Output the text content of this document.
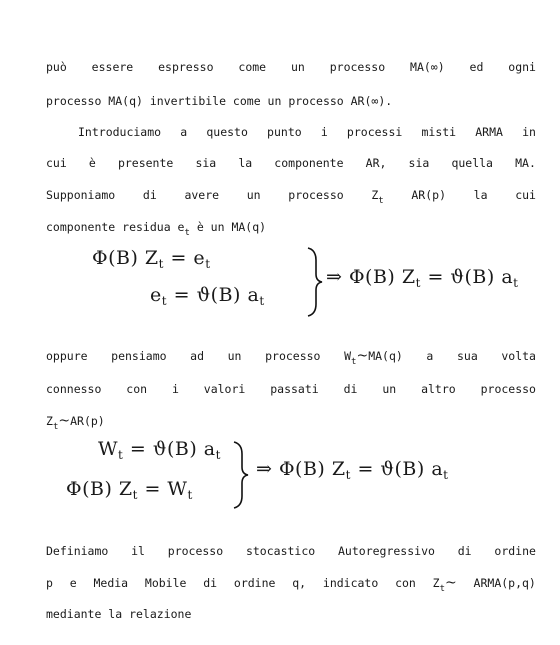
può essere espresso come un processo MA(∞) ed ogni
processo MA(q) invertibile come un processo AR(∞).
Introduciamo a questo punto i processi misti ARMA in
cui è presente sia la componente AR, sia quella MA.
Supponiamo di avere un processo $Z_t$ AR(p) la cui
componente residua $e_t$ è un MA(q)
Φ(B) $Z_t = e_t$
$e_t = ϑ(B)$ $a_t$
⇒ Φ(B) $Z_t = ϑ(B)$ $a_t$
oppure pensiamo ad un processo $W_t\sim MA(q)$ a sua volta
connesso con i valori passati di un altro processo
$Z_t\sim AR(p)$
$W_t = ϑ(B)$ $a_t$
Φ(B) $Z_t = W_t$
⇒ Φ(B) $Z_t = ϑ(B)$ $a_t$
Definiamo il processo stocastico Autoregressivo di ordine
p e Media Mobile di ordine q, indicato con $Z_t\sim$ ARMA(p,q)
mediante la relazione
